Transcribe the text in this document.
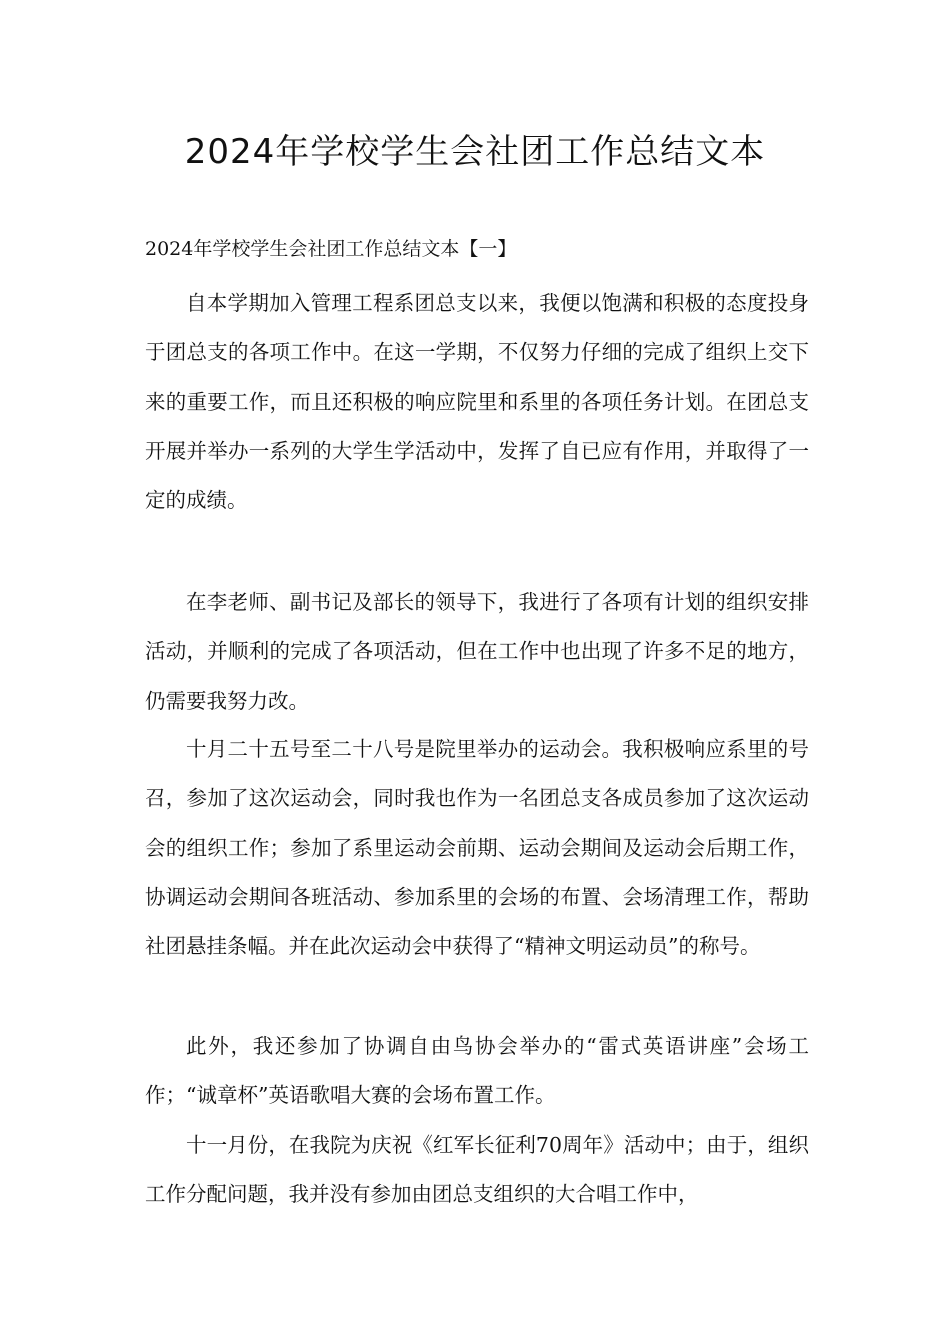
2024年学校学生会社团工作总结文本
2024年学校学生会社团工作总结文本【一】

自本学期加入管理工程系团总支以来，我便以饱满和积极的态度投身于团总支的各项工作中。在这一学期，不仅努力仔细的完成了组织上交下来的重要工作，而且还积极的响应院里和系里的各项任务计划。在团总支开展并举办一系列的大学生学活动中，发挥了自已应有作用，并取得了一定的成绩。

在李老师、副书记及部长的领导下，我进行了各项有计划的组织安排活动，并顺利的完成了各项活动，但在工作中也出现了许多不足的地方，仍需要我努力改。

十月二十五号至二十八号是院里举办的运动会。我积极响应系里的号召，参加了这次运动会，同时我也作为一名团总支各成员参加了这次运动会的组织工作；参加了系里运动会前期、运动会期间及运动会后期工作，协调运动会期间各班活动、参加系里的会场的布置、会场清理工作，帮助社团悬挂条幅。并在此次运动会中获得了“精神文明运动员”的称号。

此外，我还参加了协调自由鸟协会举办的“雷式英语讲座”会场工作；“诚章杯”英语歌唱大赛的会场布置工作。

十一月份，在我院为庆祝《红军长征利70周年》活动中；由于，组织工作分配问题，我并没有参加由团总支组织的大合唱工作中，
